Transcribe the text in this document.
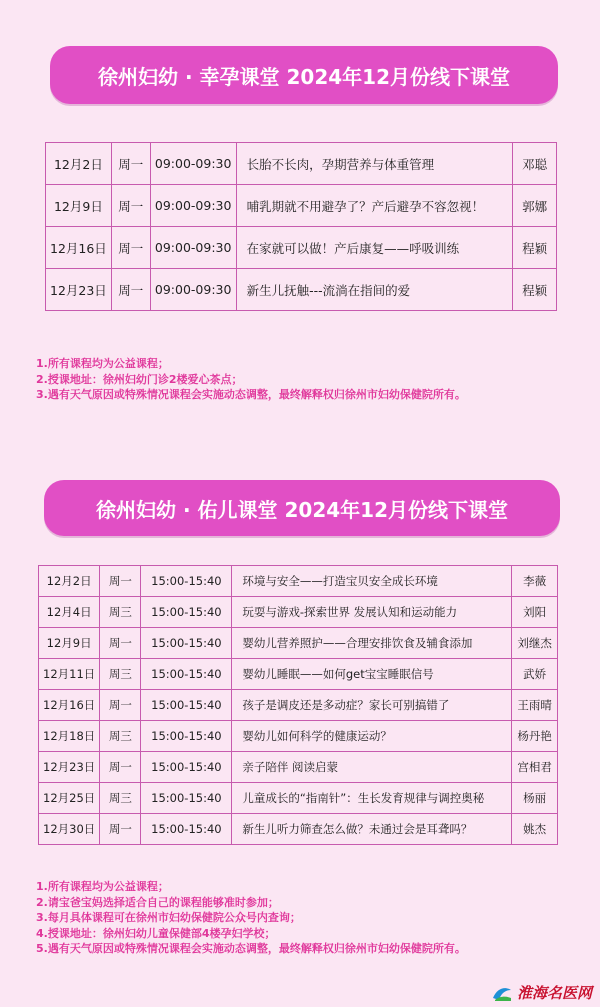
徐州妇幼 · 幸孕课堂 2024年12月份线下课堂
12月2日	周一	09:00-09:30	长胎不长肉，孕期营养与体重管理	邓聪
12月9日	周一	09:00-09:30	哺乳期就不用避孕了？产后避孕不容忽视！	郭娜
12月16日	周一	09:00-09:30	在家就可以做！产后康复——呼吸训练	程颖
12月23日	周一	09:00-09:30	新生儿抚触---流淌在指间的爱	程颖
1.所有课程均为公益课程；
2.授课地址：徐州妇幼门诊2楼爱心茶点；
3.遇有天气原因或特殊情况课程会实施动态调整，最终解释权归徐州市妇幼保健院所有。
徐州妇幼 · 佑儿课堂 2024年12月份线下课堂
12月2日	周一	15:00-15:40	环境与安全——打造宝贝安全成长环境	李薇
12月4日	周三	15:00-15:40	玩耍与游戏-探索世界 发展认知和运动能力	刘阳
12月9日	周一	15:00-15:40	婴幼儿营养照护——合理安排饮食及辅食添加	刘继杰
12月11日	周三	15:00-15:40	婴幼儿睡眠——如何get宝宝睡眠信号	武娇
12月16日	周一	15:00-15:40	孩子是调皮还是多动症？家长可别搞错了	王雨晴
12月18日	周三	15:00-15:40	婴幼儿如何科学的健康运动？	杨丹艳
12月23日	周一	15:00-15:40	亲子陪伴 阅读启蒙	宫相君
12月25日	周三	15:00-15:40	儿童成长的“指南针”：生长发育规律与调控奥秘	杨丽
12月30日	周一	15:00-15:40	新生儿听力筛查怎么做？未通过会是耳聋吗？	姚杰
1.所有课程均为公益课程；
2.请宝爸宝妈选择适合自己的课程能够准时参加；
3.每月具体课程可在徐州市妇幼保健院公众号内查询；
4.授课地址：徐州妇幼儿童保健部4楼孕妇学校；
5.遇有天气原因或特殊情况课程会实施动态调整，最终解释权归徐州市妇幼保健院所有。
淮海名医网
